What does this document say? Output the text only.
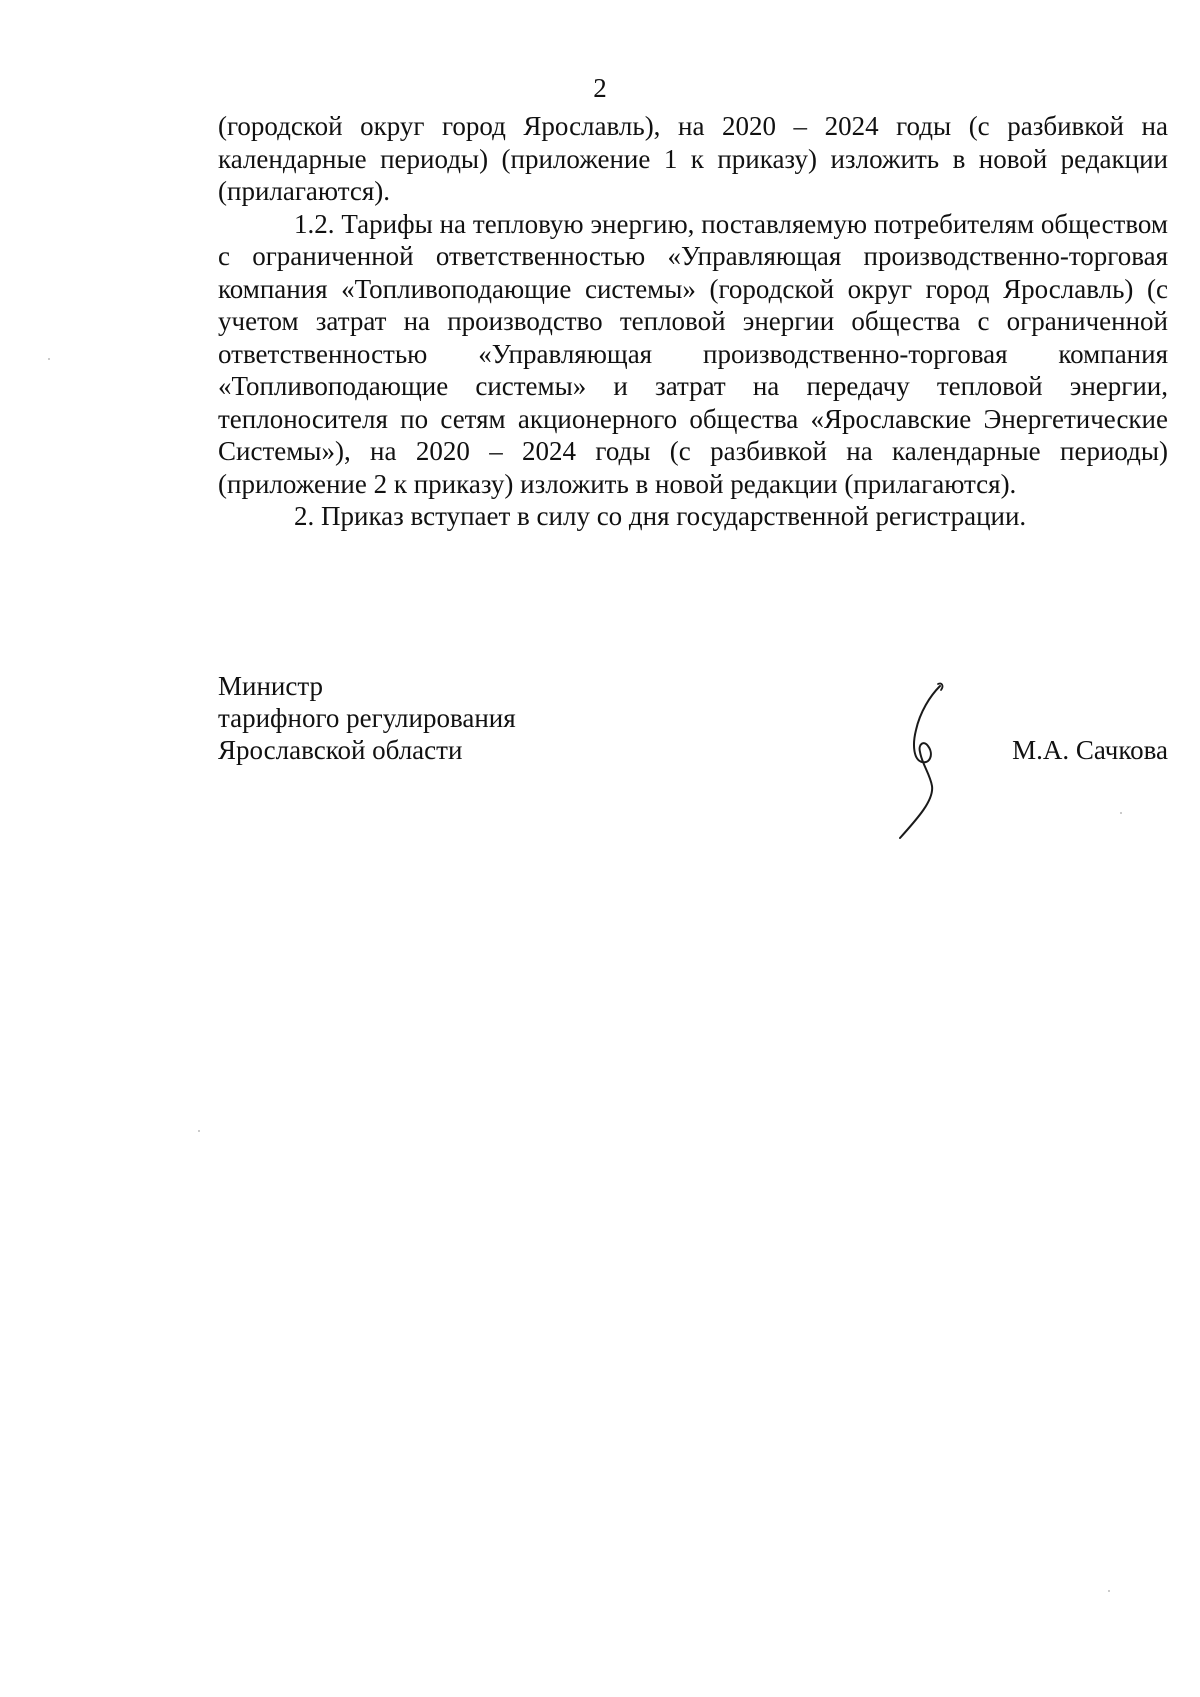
2

(городской округ город Ярославль), на 2020 – 2024 годы (с разбивкой на календарные периоды) (приложение 1 к приказу) изложить в новой редакции (прилагаются).

1.2. Тарифы на тепловую энергию, поставляемую потребителям обществом с ограниченной ответственностью «Управляющая производственно-торговая компания «Топливоподающие системы» (городской округ город Ярославль) (с учетом затрат на производство тепловой энергии общества с ограниченной ответственностью «Управляющая производственно-торговая компания «Топливоподающие системы» и затрат на передачу тепловой энергии, теплоносителя по сетям акционерного общества «Ярославские Энергетические Системы»), на 2020 – 2024 годы (с разбивкой на календарные периоды) (приложение 2 к приказу) изложить в новой редакции (прилагаются).

2. Приказ вступает в силу со дня государственной регистрации.

Министр
тарифного регулирования
Ярославской области	М.А. Сачкова
